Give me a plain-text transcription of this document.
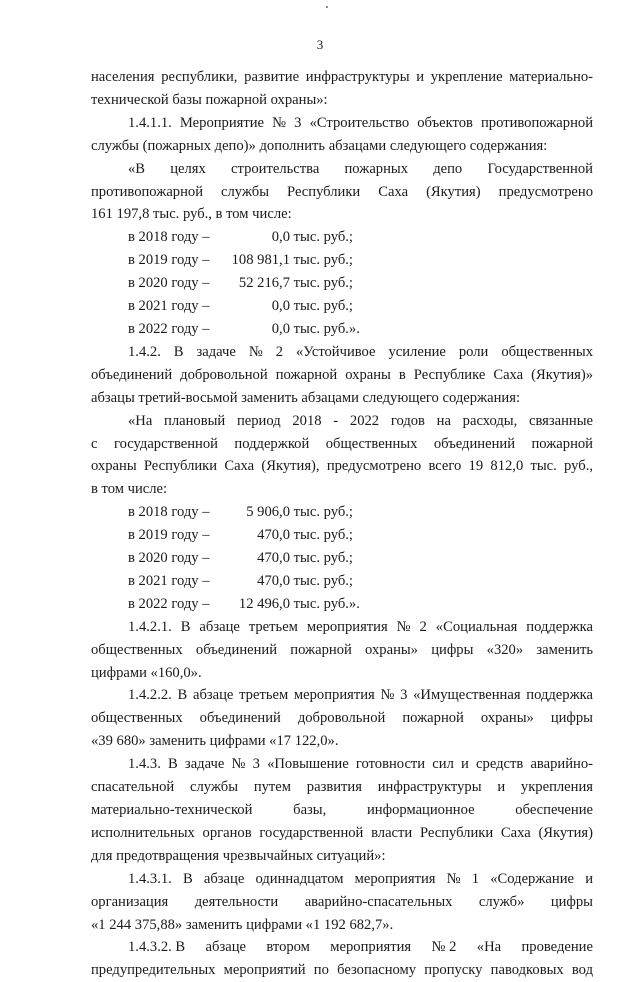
3
населения республики, развитие инфраструктуры и укрепление материально-
технической базы пожарной охраны»:
1.4.1.1. Мероприятие № 3 «Строительство объектов противопожарной
службы (пожарных депо)» дополнить абзацами следующего содержания:
«В целях строительства пожарных депо Государственной
противопожарной службы Республики Саха (Якутия) предусмотрено
161 197,8 тыс. руб., в том числе:
в 2018 году –	0,0 тыс. руб.;
в 2019 году – 108 981,1 тыс. руб.;
в 2020 году – 52 216,7 тыс. руб.;
в 2021 году –	0,0 тыс. руб.;
в 2022 году –	0,0 тыс. руб.».
1.4.2. В задаче № 2 «Устойчивое усиление роли общественных
объединений добровольной пожарной охраны в Республике Саха (Якутия)»
абзацы третий-восьмой заменить абзацами следующего содержания:
«На плановый период 2018 - 2022 годов на расходы, связанные
с государственной поддержкой общественных объединений пожарной
охраны Республики Саха (Якутия), предусмотрено всего 19 812,0 тыс. руб.,
в том числе:
в 2018 году –	5 906,0 тыс. руб.;
в 2019 году –	470,0 тыс. руб.;
в 2020 году –	470,0 тыс. руб.;
в 2021 году –	470,0 тыс. руб.;
в 2022 году – 12 496,0 тыс. руб.».
1.4.2.1. В абзаце третьем мероприятия № 2 «Социальная поддержка
общественных объединений пожарной охраны» цифры «320» заменить
цифрами «160,0».
1.4.2.2. В абзаце третьем мероприятия № 3 «Имущественная поддержка
общественных объединений добровольной пожарной охраны» цифры
«39 680» заменить цифрами «17 122,0».
1.4.3. В задаче № 3 «Повышение готовности сил и средств аварийно-
спасательной службы путем развития инфраструктуры и укрепления
материально-технической	базы,	информационное	обеспечение
исполнительных органов государственной власти Республики Саха (Якутия)
для предотвращения чрезвычайных ситуаций»:
1.4.3.1. В абзаце одиннадцатом мероприятия № 1 «Содержание и
организация деятельности аварийно-спасательных служб» цифры
«1 244 375,88» заменить цифрами «1 192 682,7».
1.4.3.2. В абзаце втором мероприятия № 2 «На проведение
предупредительных мероприятий по безопасному пропуску паводковых вод
